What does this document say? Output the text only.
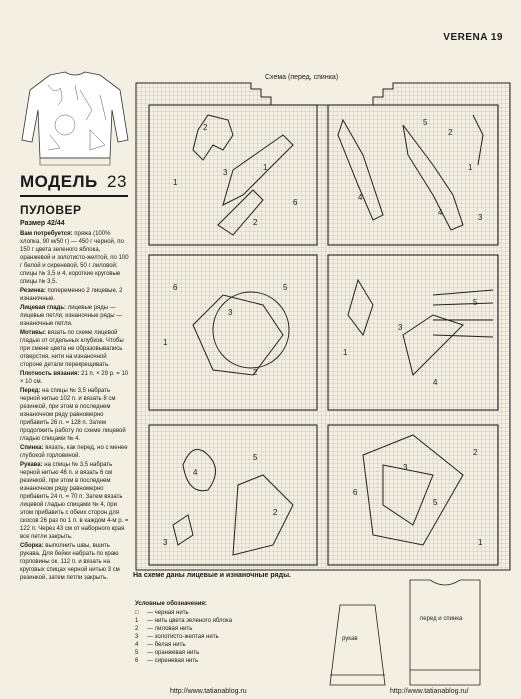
VERENA 19
МОДЕЛЬ 23
ПУЛОВЕР
Размер 42/44

Вам потребуется: пряжа (100% хлопка, 90 м/50 г) — 450 г черной, по 150 г цвета зеленого яблока, оранжевой и золотисто-желтой, по 100 г белой и сиреневой, 50 г лиловой; спицы № 3,5 и 4, короткие круговые спицы № 3,5.

Резинка: попеременно 2 лицевые, 2 изнаночные.

Лицевая гладь: лицевые ряды — лицевые петли, изнаночные ряды — изнаночные петли.

Мотивы: вязать по схеме лицевой гладью от отдельных клубков. Чтобы при смене цвета не образовывались отверстия, нити на изнаночной стороне детали перекрещивать.

Плотность вязания: 21 п. × 29 р. = 10 × 10 см.

Перед: на спицы № 3,5 набрать черной нитью 102 п. и вязать 8 см резинкой, при этом в последнем изнаночном ряду равномерно прибавить 26 п. = 128 п. Затем продолжить работу по схеме лицевой гладью спицами № 4.

Спинка: вязать, как перед, но с менее глубокой горловиной.

Рукава: на спицы № 3,5 набрать черной нитью 46 п. и вязать 6 см резинкой, при этом в последнем изнаночном ряду равномерно прибавить 24 п. = 70 п. Затем вязать лицевой гладью спицами № 4, при этом прибавить с обеих сторон для скосов 26 раз по 1 п. в каждом 4-м р. = 122 п. Через 43 см от наборного края все петли закрыть.

Сборка: выполнить швы, вшить рукава. Для бейки набрать по краю горловины ок. 112 п. и вязать на круговых спицах черной нитью 3 см резинкой, затем петли закрыть.

Схема (перед, спинка)
1
3
1
2
6
2
4
5
1
3
4
2
6
1
3
5
2
1
3
5
4
4
5
3
2
6
3
5
2
1
На схеме даны лицевые и изнаночные ряды.
Условные обозначения:
□	— черная нить
1	— нить цвета зеленого яблока
2	— лиловая нить
3	— золотисто-желтая нить
4	— белая нить
5	— оранжевая нить
6	— сиреневая нить
рукав
перед и спинка
http://www.tatianablog.ru	http://www.tatianablog.ru/
